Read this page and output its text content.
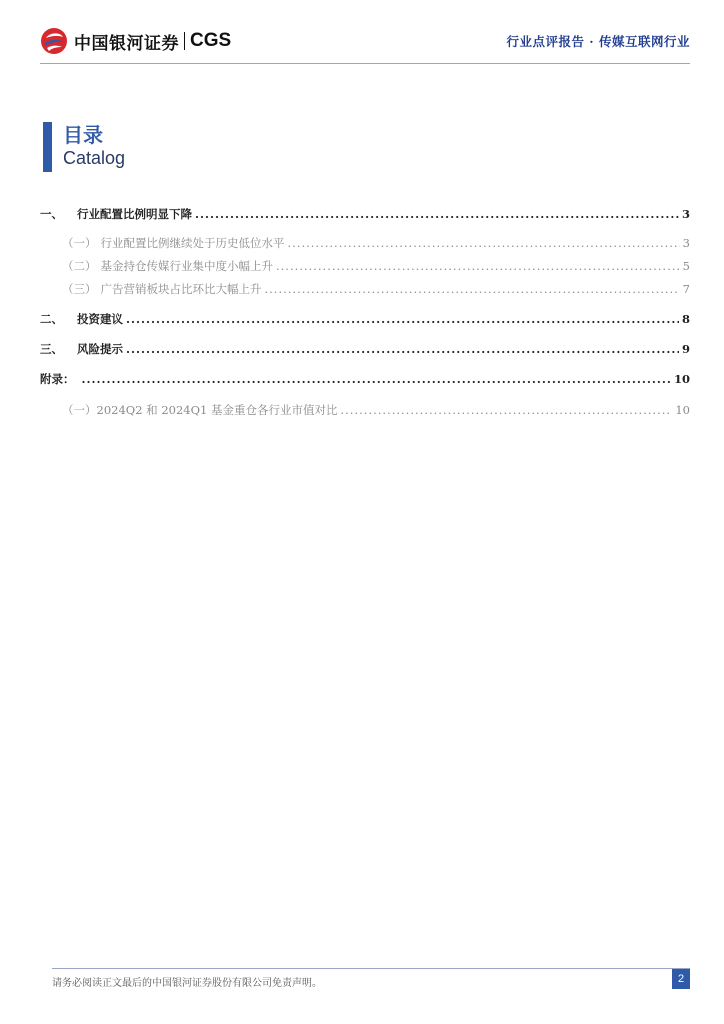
中国银河证券 CGS	行业点评报告 · 传媒互联网行业
目录
Catalog
一、 行业配置比例明显下降 .....	3
（一） 行业配置比例继续处于历史低位水平 .....	3
（二） 基金持仓传媒行业集中度小幅上升 .....	5
（三） 广告营销板块占比环比大幅上升 .....	7
二、 投资建议 .....	8
三、 风险提示 .....	9
附录： .....	10
（一） 2024Q2 和 2024Q1 基金重仓各行业市值对比 .....	10
请务必阅读正文最后的中国银河证券股份有限公司免责声明。	2
